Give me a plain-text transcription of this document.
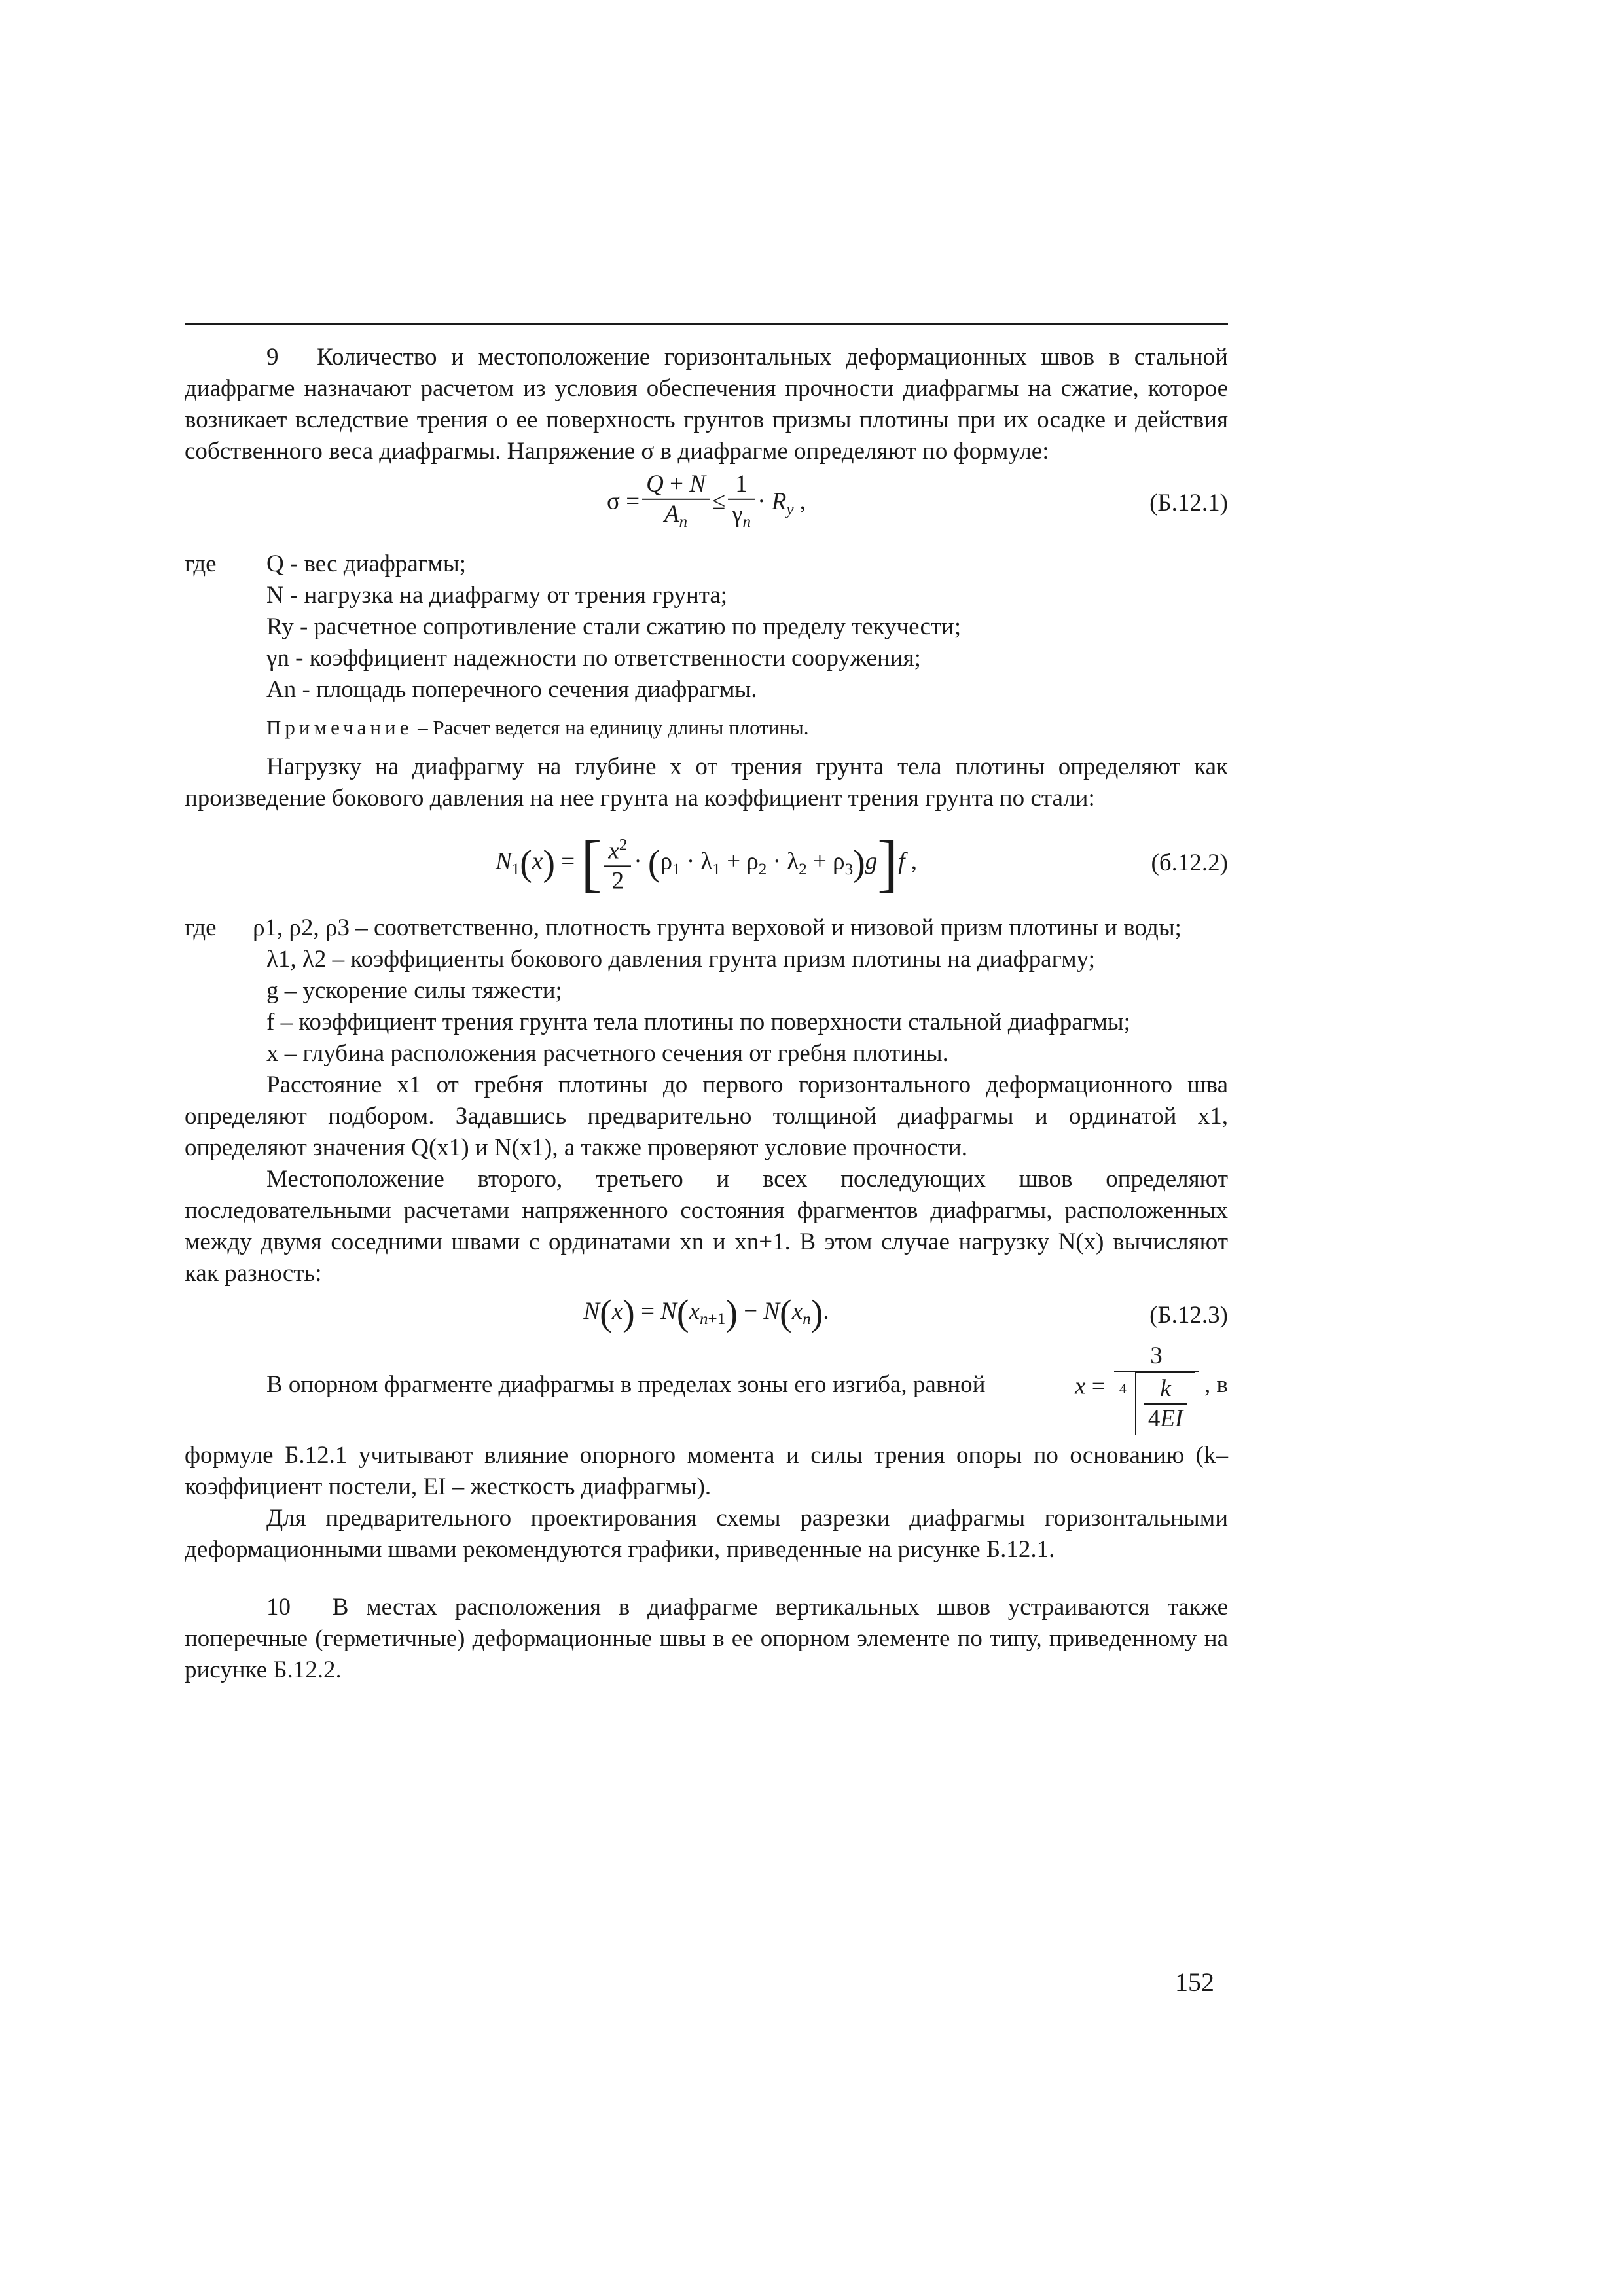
9  Количество и местоположение горизонтальных деформационных швов в стальной диафрагме назначают расчетом из условия обеспечения прочности диафрагмы на сжатие, которое возникает вследствие трения о ее поверхность грунтов призмы плотины при их осадке и действия собственного веса диафрагмы. Напряжение σ в диафрагме определяют по формуле:

$\sigma = \frac{Q + N}{A_n} \le \frac{1}{\gamma_n} \cdot R_y$ ,	(Б.12.1)
где Q - вес диафрагмы;

N - нагрузка на диафрагму от трения грунта;

Ry - расчетное сопротивление стали сжатию по пределу текучести;

γn - коэффициент надежности по ответственности сооружения;

An - площадь поперечного сечения диафрагмы.

Примечание – Расчет ведется на единицу длины плотины.

Нагрузку на диафрагму на глубине x от трения грунта тела плотины определяют как произведение бокового давления на нее грунта на коэффициент трения грунта по стали:

$N_1(x)$ = [ $\frac{x^2}{2} \cdot (\rho_1 \cdot \lambda_1 + \rho_2 \cdot \lambda_2 + \rho_3)g]f$ ,	(б.12.2)

где ρ1, ρ2, ρ3 – соответственно, плотность грунта верховой и низовой призм плотины и воды;

λ1, λ2 – коэффициенты бокового давления грунта призм плотины на диафрагму;

g – ускорение силы тяжести;

f – коэффициент трения грунта тела плотины по поверхности стальной диафрагмы;

x – глубина расположения расчетного сечения от гребня плотины.

Расстояние x1 от гребня плотины до первого горизонтального деформационного шва определяют подбором. Задавшись предварительно толщиной диафрагмы и ординатой x1, определяют значения Q(x1) и N(x1), а также проверяют условие прочности.

Местоположение второго, третьего и всех последующих швов определяют последовательными расчетами напряженного состояния фрагментов диафрагмы, расположенных между двумя соседними швами с ординатами xn и xn+1. В этом случае нагрузку N(x) вычисляют как разность:

$N(x) = N(x_{n+1}) - N(x_n)$.	(Б.12.3)
В опорном фрагменте диафрагмы в пределах зоны его изгиба, равной	$x = \frac{3}{4 \frac{k}{4EI}}$ , в

формуле Б.12.1 учитывают влияние опорного момента и силы трения опоры по основанию (k– коэффициент постели, EI – жесткость диафрагмы).

Для предварительного проектирования схемы разрезки диафрагмы горизонтальными деформационными швами рекомендуются графики, приведенные на рисунке Б.12.1.

10  В местах расположения в диафрагме вертикальных швов устраиваются также поперечные (герметичные) деформационные швы в ее опорном элементе по типу, приведенному на рисунке Б.12.2.

152
